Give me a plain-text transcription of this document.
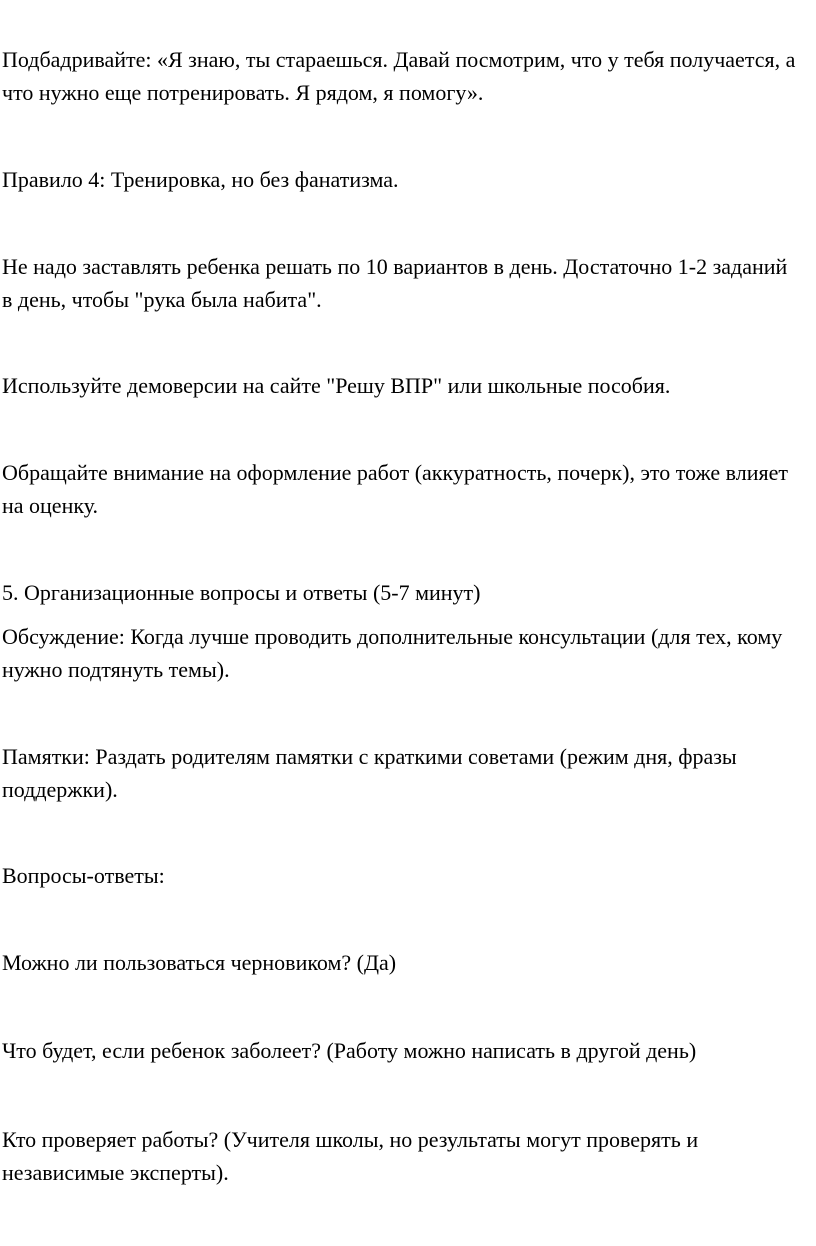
Подбадривайте: «Я знаю, ты стараешься. Давай посмотрим, что у тебя получается, а что нужно еще потренировать. Я рядом, я помогу».

Правило 4: Тренировка, но без фанатизма.

Не надо заставлять ребенка решать по 10 вариантов в день. Достаточно 1-2 заданий в день, чтобы "рука была набита".

Используйте демоверсии на сайте "Решу ВПР" или школьные пособия.

Обращайте внимание на оформление работ (аккуратность, почерк), это тоже влияет на оценку.

5. Организационные вопросы и ответы (5-7 минут)

Обсуждение: Когда лучше проводить дополнительные консультации (для тех, кому нужно подтянуть темы).

Памятки: Раздать родителям памятки с краткими советами (режим дня, фразы поддержки).

Вопросы-ответы:

Можно ли пользоваться черновиком? (Да)

Что будет, если ребенок заболеет? (Работу можно написать в другой день)

Кто проверяет работы? (Учителя школы, но результаты могут проверять и независимые эксперты).
